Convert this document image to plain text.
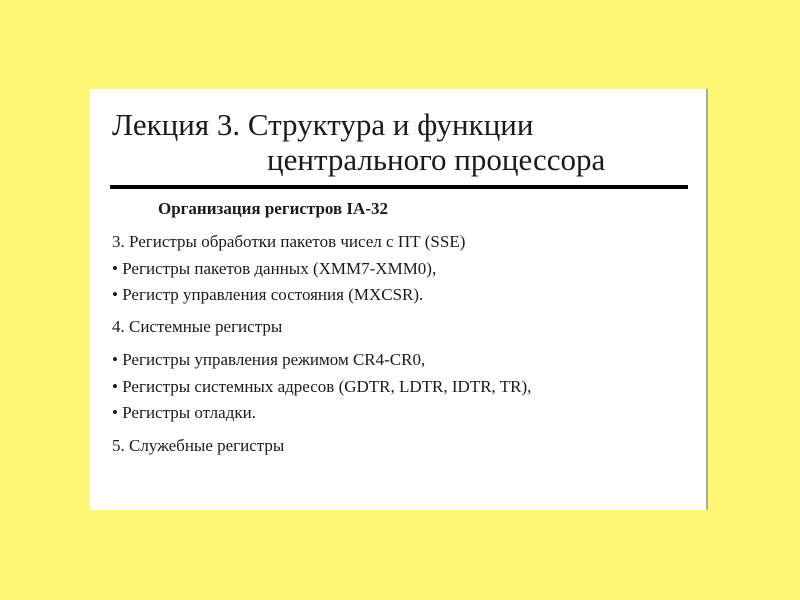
Лекция 3. Структура и функции
центрального процессора
Организация регистров IA-32
3. Регистры обработки пакетов чисел с ПТ (SSE)
• Регистры пакетов данных (XMM7-XMM0),
• Регистр управления состояния (MXCSR).
4. Системные регистры
• Регистры управления режимом CR4-CR0,
• Регистры системных адресов (GDTR, LDTR, IDTR, TR),
• Регистры отладки.
5. Служебные регистры
